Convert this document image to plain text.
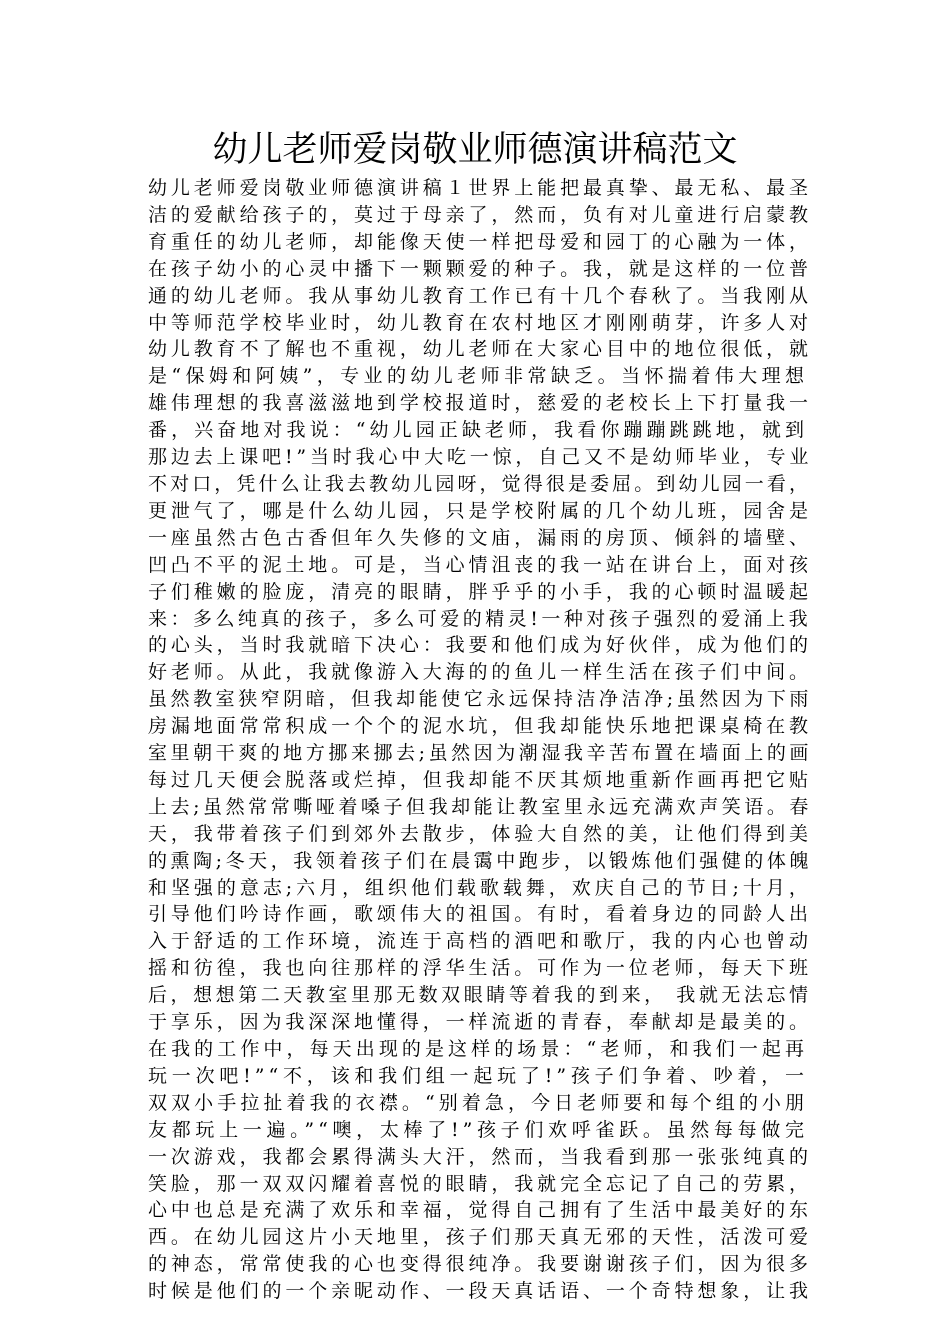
幼儿老师爱岗敬业师德演讲稿范文
幼儿老师爱岗敬业师德演讲稿１世界上能把最真挚、最无私、最圣
洁的爱献给孩子的，莫过于母亲了，然而，负有对儿童进行启蒙教
育重任的幼儿老师，却能像天使一样把母爱和园丁的心融为一体，
在孩子幼小的心灵中播下一颗颗爱的种子。我，就是这样的一位普
通的幼儿老师。我从事幼儿教育工作已有十几个春秋了。当我刚从
中等师范学校毕业时，幼儿教育在农村地区才刚刚萌芽，许多人对
幼儿教育不了解也不重视，幼儿老师在大家心目中的地位很低，就
是“保姆和阿姨”，专业的幼儿老师非常缺乏。当怀揣着伟大理想
雄伟理想的我喜滋滋地到学校报道时，慈爱的老校长上下打量我一
番，兴奋地对我说：“幼儿园正缺老师，我看你蹦蹦跳跳地，就到
那边去上课吧!”当时我心中大吃一惊，自己又不是幼师毕业，专业
不对口，凭什么让我去教幼儿园呀，觉得很是委屈。到幼儿园一看，
更泄气了，哪是什么幼儿园，只是学校附属的几个幼儿班，园舍是
一座虽然古色古香但年久失修的文庙，漏雨的房顶、倾斜的墙壁、
凹凸不平的泥土地。可是，当心情沮丧的我一站在讲台上，面对孩
子们稚嫩的脸庞，清亮的眼睛，胖乎乎的小手，我的心顿时温暖起
来：多么纯真的孩子，多么可爱的精灵!一种对孩子强烈的爱涌上我
的心头，当时我就暗下决心：我要和他们成为好伙伴，成为他们的
好老师。从此，我就像游入大海的的鱼儿一样生活在孩子们中间。
虽然教室狭窄阴暗，但我却能使它永远保持洁净洁净;虽然因为下雨
房漏地面常常积成一个个的泥水坑，但我却能快乐地把课桌椅在教
室里朝干爽的地方挪来挪去;虽然因为潮湿我辛苦布置在墙面上的画
每过几天便会脱落或烂掉，但我却能不厌其烦地重新作画再把它贴
上去;虽然常常嘶哑着嗓子但我却能让教室里永远充满欢声笑语。春
天，我带着孩子们到郊外去散步，体验大自然的美，让他们得到美
的熏陶;冬天，我领着孩子们在晨霭中跑步，以锻炼他们强健的体魄
和坚强的意志;六月，组织他们载歌载舞，欢庆自己的节日;十月，
引导他们吟诗作画，歌颂伟大的祖国。有时，看着身边的同龄人出
入于舒适的工作环境，流连于高档的酒吧和歌厅，我的内心也曾动
摇和彷徨，我也向往那样的浮华生活。可作为一位老师，每天下班
后，想想第二天教室里那无数双眼睛等着我的到来， 我就无法忘情
于享乐，因为我深深地懂得，一样流逝的青春，奉献却是最美的。
在我的工作中，每天出现的是这样的场景：“老师，和我们一起再
玩一次吧!”“不，该和我们组一起玩了!”孩子们争着、吵着，一
双双小手拉扯着我的衣襟。“别着急，今日老师要和每个组的小朋
友都玩上一遍。”“噢，太棒了!”孩子们欢呼雀跃。虽然每每做完
一次游戏，我都会累得满头大汗，然而，当我看到那一张张纯真的
笑脸，那一双双闪耀着喜悦的眼睛，我就完全忘记了自己的劳累，
心中也总是充满了欢乐和幸福，觉得自己拥有了生活中最美好的东
西。在幼儿园这片小天地里，孩子们那天真无邪的天性，活泼可爱
的神态，常常使我的心也变得很纯净。我要谢谢孩子们，因为很多
时候是他们的一个亲昵动作、一段天真话语、一个奇特想象，让我
